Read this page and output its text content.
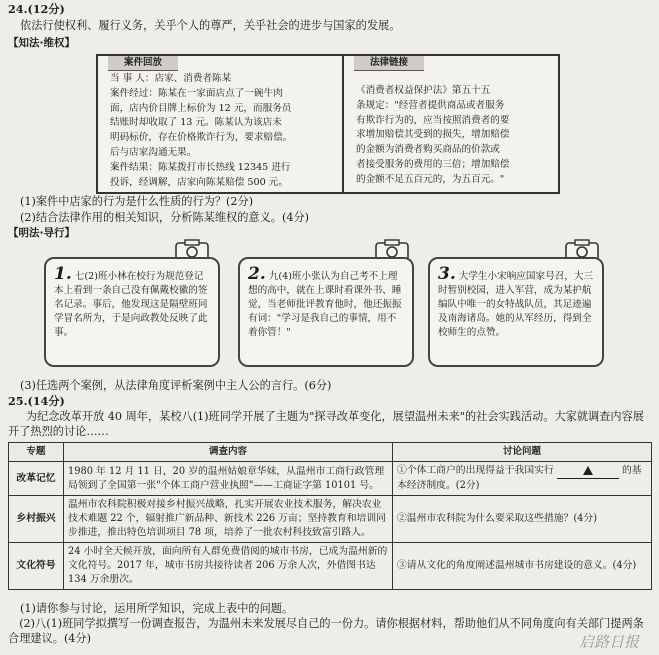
24.(12分)
依法行使权利、履行义务，关乎个人的尊严，关乎社会的进步与国家的发展。
【知法·维权】
案件回放	法律链接
当 事 人：店家、消费者陈某
案件经过：陈某在一家面店点了一碗牛肉
面，店内价目牌上标价为 12 元，而服务员
结账时却收取了 13 元。陈某认为该店未
明码标价，存在价格欺诈行为，要求赔偿。
后与店家沟通无果。
案件结果：陈某拨打市长热线 12345 进行
投诉，经调解，店家向陈某赔偿 500 元。
《消费者权益保护法》第五十五
条规定："经营者提供商品或者服务
有欺诈行为的，应当按照消费者的要
求增加赔偿其受到的损失，增加赔偿
的金额为消费者购买商品的价款或
者接受服务的费用的三倍；增加赔偿
的金额不足五百元的，为五百元。"
(1)案件中店家的行为是什么性质的行为？(2分)
(2)结合法律作用的相关知识，分析陈某维权的意义。(4分)
【明法·导行】
1. 七(2)班小林在校行为规范登记本上看到一条自己没有佩戴校徽的签名记录。事后，他发现这是隔壁班同学冒名所为，于是向政教处反映了此事。
2. 九(4)班小张认为自己考不上理想的高中，就在上课时看课外书、睡觉，当老师批评教育他时，他还振振有词："学习是我自己的事情，用不着你管！"
3. 大学生小宋响应国家号召，大三时暂别校园，进入军营，成为某护航编队中唯一的女特战队员，其足迹遍及南海诸岛。她的从军经历，得到全校师生的点赞。
(3)任选两个案例，从法律角度评析案例中主人公的言行。(6分)
25.(14分)
为纪念改革开放 40 周年，某校八(1)班同学开展了主题为"探寻改革变化，展望温州未来"的社会实践活动。大家就调查内容展开了热烈的讨论……
专题	调查内容	讨论问题
改革记忆	1980 年 12 月 11 日，20 岁的温州姑娘章华妹，从温州市工商行政管理局领到了全国第一张"个体工商户营业执照"——工商证字第 10101 号。	①个体工商户的出现得益于我国实行 的基本经济制度。(2分)
乡村振兴	温州市农科院积极对接乡村振兴战略，扎实开展农业技术服务，解决农业技术难题 22 个，辐射推广新品种、新技术 226 万亩；坚持教育和培训同步推进，推出特色培训项目 78 项，培养了一批农村科技致富引路人。	②温州市农科院为什么要采取这些措施？(4分)
文化符号	24 小时全天候开放，面向所有人群免费借阅的城市书房，已成为温州新的文化符号。2017 年，城市书房共接待读者 206 万余人次，外借图书达 134 万余册次。	③请从文化的角度阐述温州城市书房建设的意义。(4分)
(1)请你参与讨论，运用所学知识，完成上表中的问题。
(2)八(1)班同学拟撰写一份调查报告，为温州未来发展尽自己的一份力。请你根据材料，帮助他们从不同角度向有关部门提两条合理建议。(4分)	启路日报
